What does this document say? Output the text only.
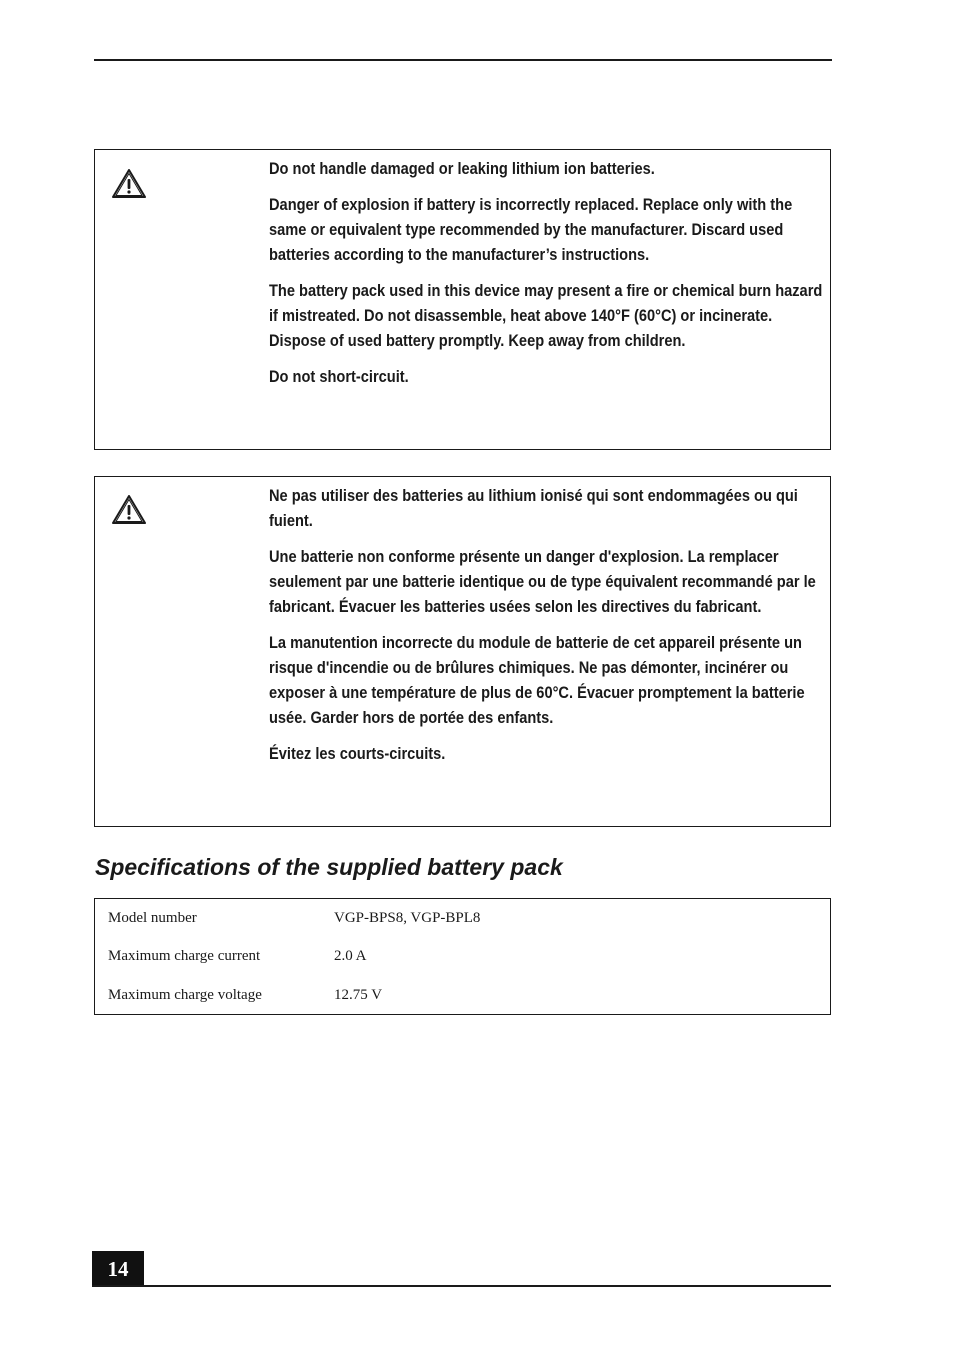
Do not handle damaged or leaking lithium ion batteries.

Danger of explosion if battery is incorrectly replaced. Replace only with the same or equivalent type recommended by the manufacturer. Discard used batteries according to the manufacturer’s instructions.

The battery pack used in this device may present a fire or chemical burn hazard if mistreated. Do not disassemble, heat above 140°F (60°C) or incinerate. Dispose of used battery promptly. Keep away from children.

Do not short-circuit.

Ne pas utiliser des batteries au lithium ionisé qui sont endommagées ou qui fuient.

Une batterie non conforme présente un danger d'explosion. La remplacer seulement par une batterie identique ou de type équivalent recommandé par le fabricant. Évacuer les batteries usées selon les directives du fabricant.

La manutention incorrecte du module de batterie de cet appareil présente un risque d'incendie ou de brûlures chimiques. Ne pas démonter, incinérer ou exposer à une température de plus de 60°C. Évacuer promptement la batterie usée. Garder hors de portée des enfants.

Évitez les courts-circuits.

Specifications of the supplied battery pack
Model number	VGP-BPS8, VGP-BPL8
Maximum charge current	2.0 A
Maximum charge voltage	12.75 V
14
